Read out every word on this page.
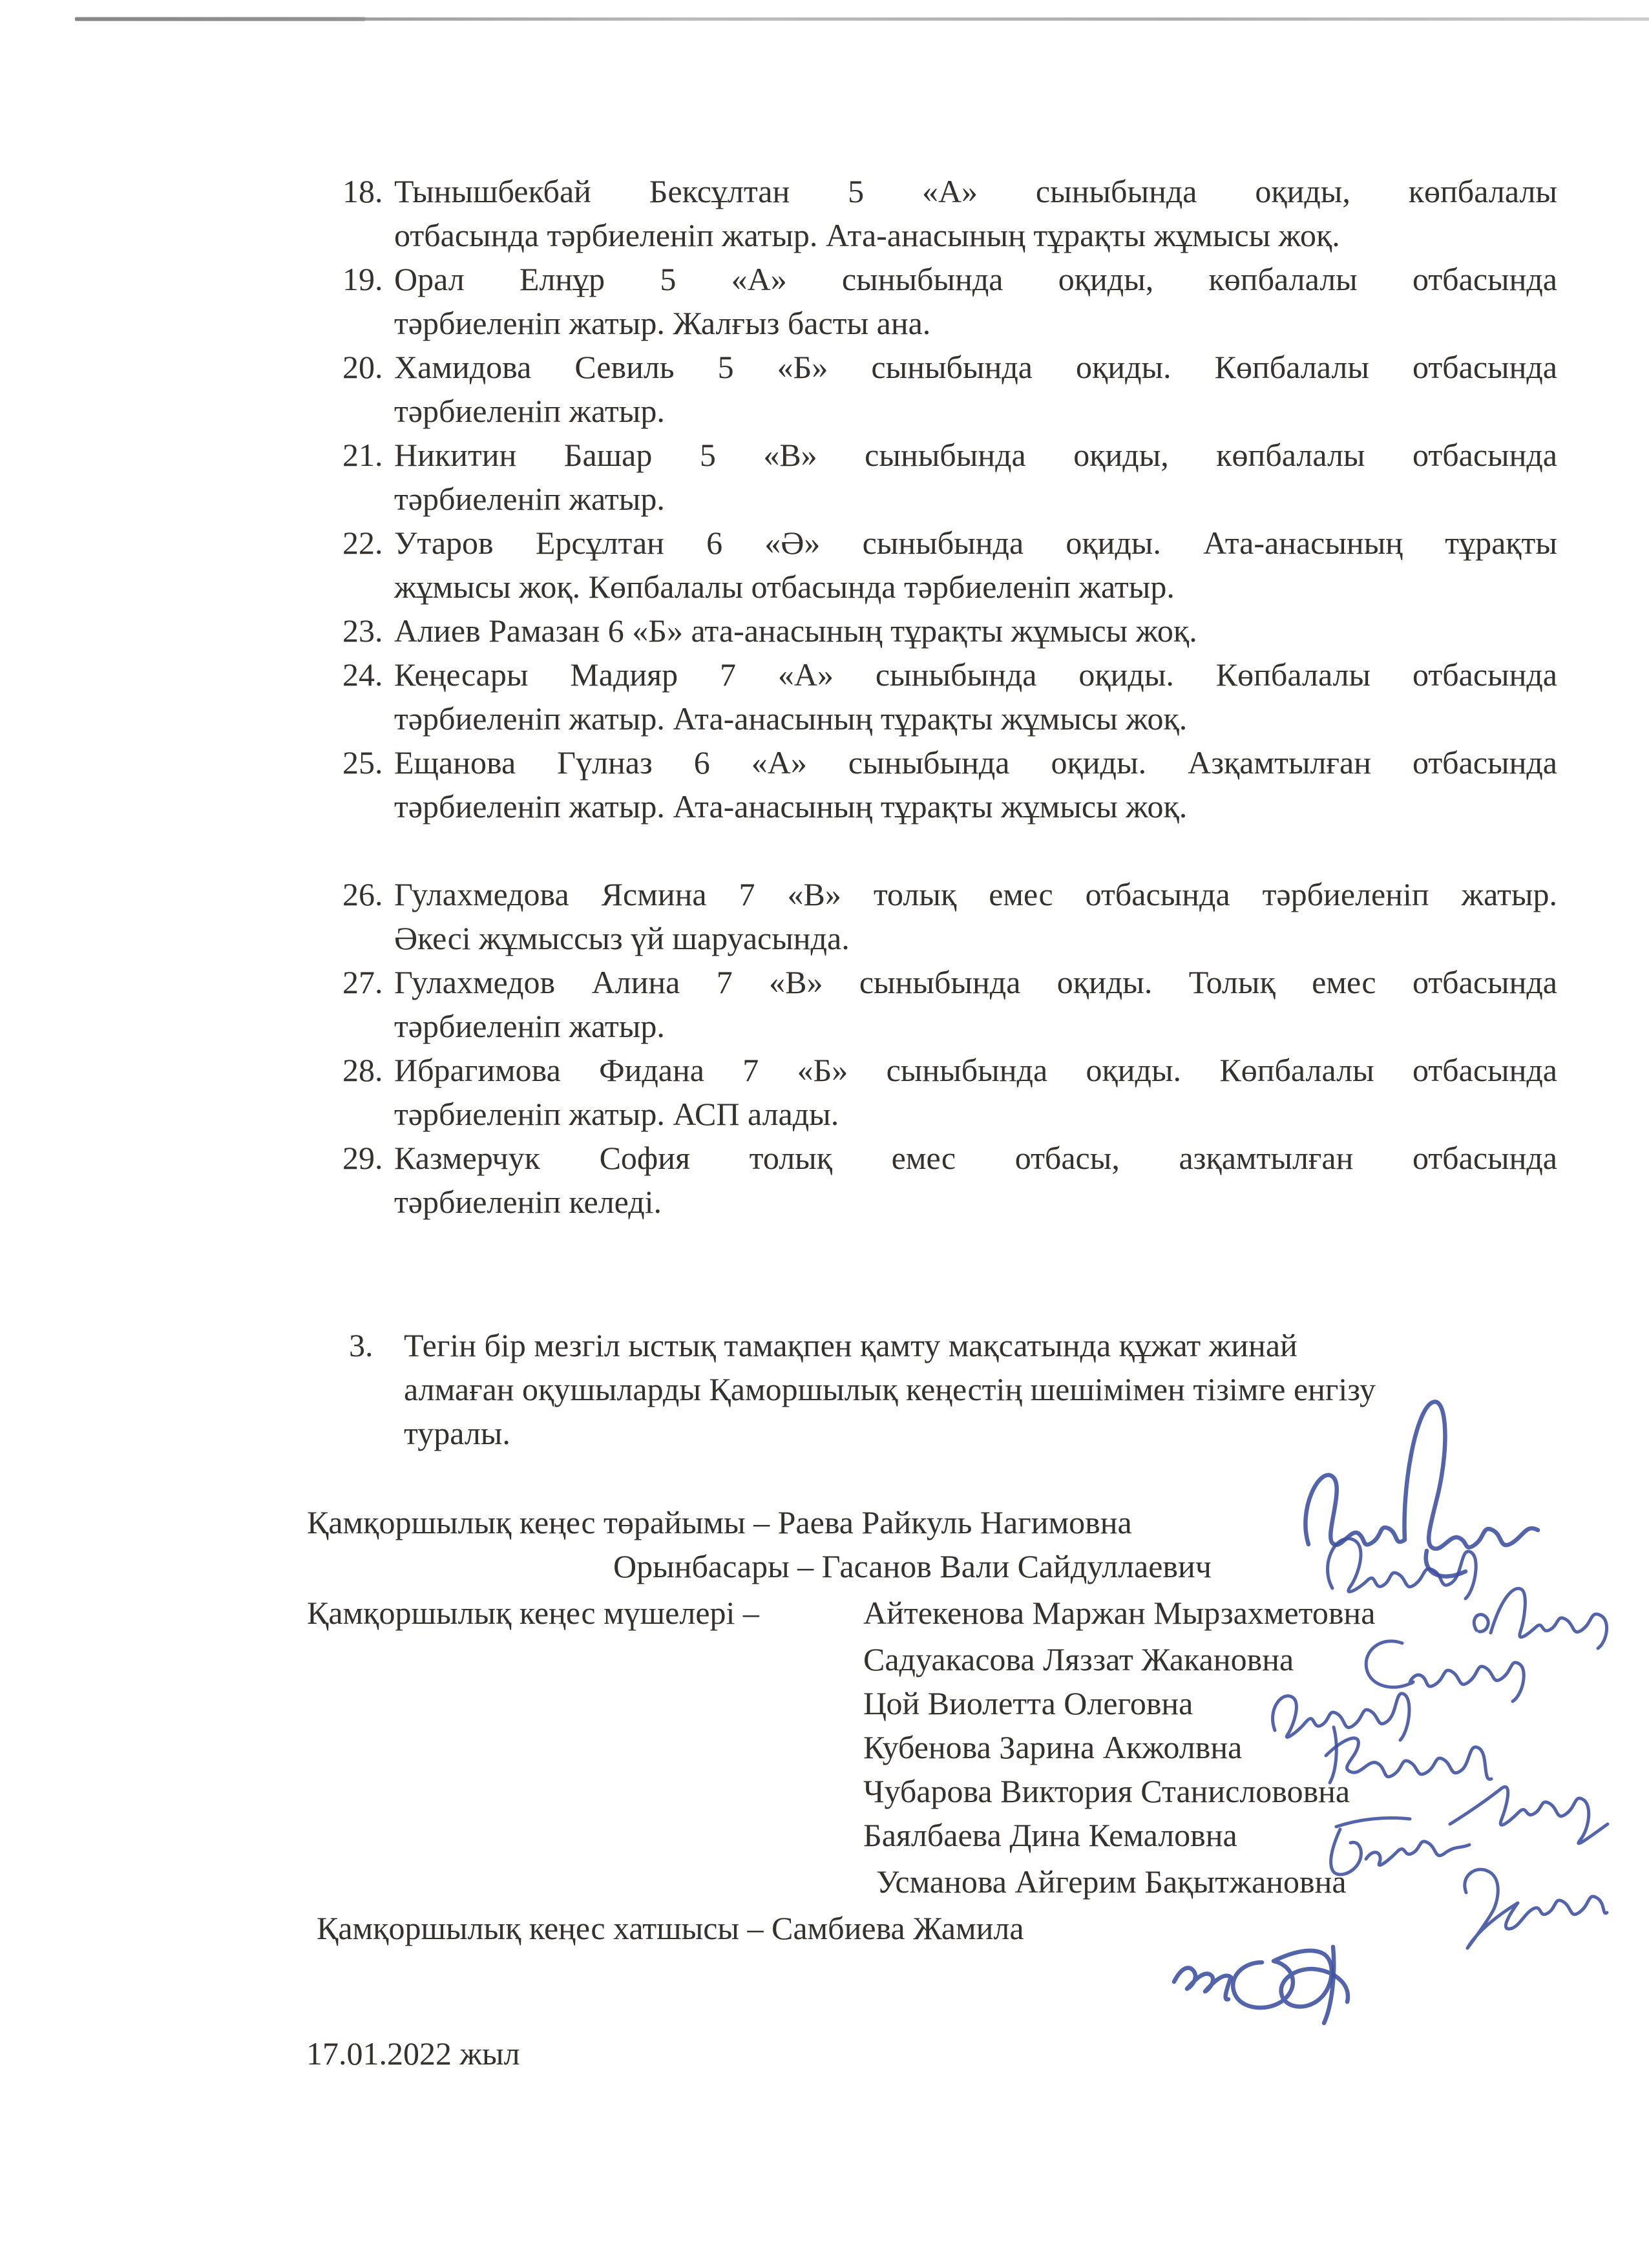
18. Тынышбекбай Бексұлтан 5 «А» сыныбында оқиды, көпбалалы
отбасында тәрбиеленіп жатыр. Ата-анасының тұрақты жұмысы жоқ.
19. Орал Елнұр 5 «А» сыныбында оқиды, көпбалалы отбасында
тәрбиеленіп жатыр. Жалғыз басты ана.
20. Хамидова Севиль 5 «Б» сыныбында оқиды. Көпбалалы отбасында
тәрбиеленіп жатыр.
21. Никитин Башар 5 «В» сыныбында оқиды, көпбалалы отбасында
тәрбиеленіп жатыр.
22. Утаров Ерсұлтан 6 «Ә» сыныбында оқиды. Ата-анасының тұрақты
жұмысы жоқ. Көпбалалы отбасында тәрбиеленіп жатыр.
23. Алиев Рамазан 6 «Б» ата-анасының тұрақты жұмысы жоқ.
24. Кеңесары Мадияр 7 «А» сыныбында оқиды. Көпбалалы отбасында
тәрбиеленіп жатыр. Ата-анасының тұрақты жұмысы жоқ.
25. Ещанова Гүлназ 6 «А» сыныбында оқиды. Азқамтылған отбасында
тәрбиеленіп жатыр. Ата-анасының тұрақты жұмысы жоқ.
26. Гулахмедова Ясмина 7 «В» толық емес отбасында тәрбиеленіп жатыр.
Әкесі жұмыссыз үй шаруасында.
27. Гулахмедов Алина 7 «В» сыныбында оқиды. Толық емес отбасында
тәрбиеленіп жатыр.
28. Ибрагимова Фидана 7 «Б» сыныбында оқиды. Көпбалалы отбасында
тәрбиеленіп жатыр. АСП алады.
29. Казмерчук София толық емес отбасы, азқамтылған отбасында
тәрбиеленіп келеді.
3. Тегін бір мезгіл ыстық тамақпен қамту мақсатында құжат жинай
алмаған оқушыларды Қаморшылық кеңестің шешімімен тізімге енгізу
туралы.
Қамқоршылық кеңес төрайымы – Раева Райкуль Нагимовна
Орынбасары – Гасанов Вали Сайдуллаевич
Қамқоршылық кеңес мүшелері –	Айтекенова Маржан Мырзахметовна
Садуакасова Ляззат Жакановна
Цой Виолетта Олеговна
Кубенова Зарина Акжолвна
Чубарова Виктория Станислововна
Баялбаева Дина Кемаловна
Усманова Айгерим Бақытжановна
Қамқоршылық кеңес хатшысы – Самбиева Жамила
17.01.2022 жыл
